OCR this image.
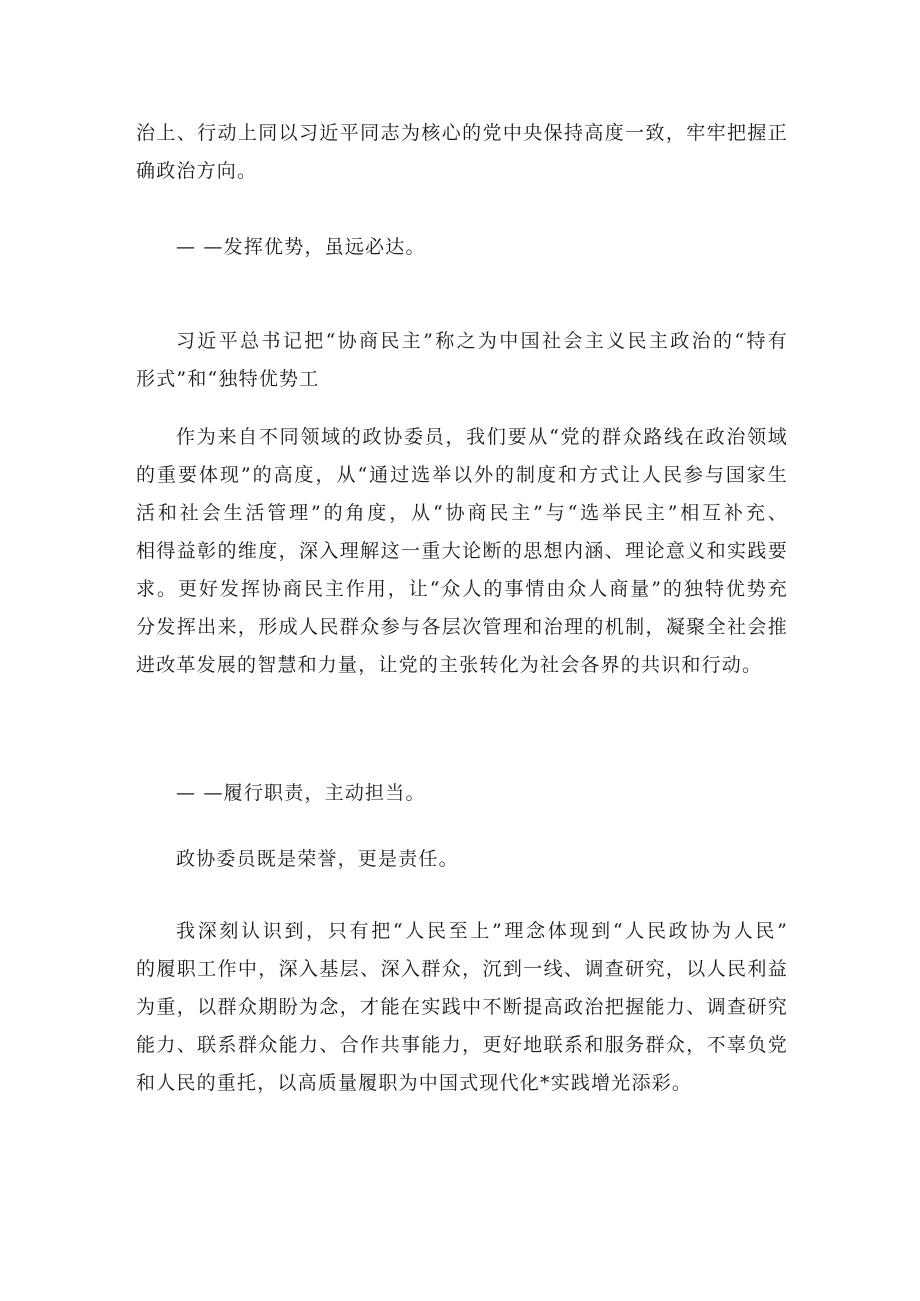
治上、行动上同以习近平同志为核心的党中央保持高度一致，牢牢把握正
确政治方向。

— —发挥优势，虽远必达。

习近平总书记把“协商民主”称之为中国社会主义民主政治的“特有
形式”和“独特优势工

作为来自不同领域的政协委员，我们要从“党的群众路线在政治领域
的重要体现”的高度，从“通过选举以外的制度和方式让人民参与国家生
活和社会生活管理”的角度，从“协商民主”与“选举民主”相互补充、
相得益彰的维度，深入理解这一重大论断的思想内涵、理论意义和实践要
求。更好发挥协商民主作用，让“众人的事情由众人商量”的独特优势充
分发挥出来，形成人民群众参与各层次管理和治理的机制，凝聚全社会推
进改革发展的智慧和力量，让党的主张转化为社会各界的共识和行动。

— —履行职责，主动担当。

政协委员既是荣誉，更是责任。

我深刻认识到，只有把“人民至上”理念体现到“人民政协为人民”
的履职工作中，深入基层、深入群众，沉到一线、调查研究，以人民利益
为重，以群众期盼为念，才能在实践中不断提高政治把握能力、调查研究
能力、联系群众能力、合作共事能力，更好地联系和服务群众，不辜负党
和人民的重托，以高质量履职为中国式现代化*实践增光添彩。
